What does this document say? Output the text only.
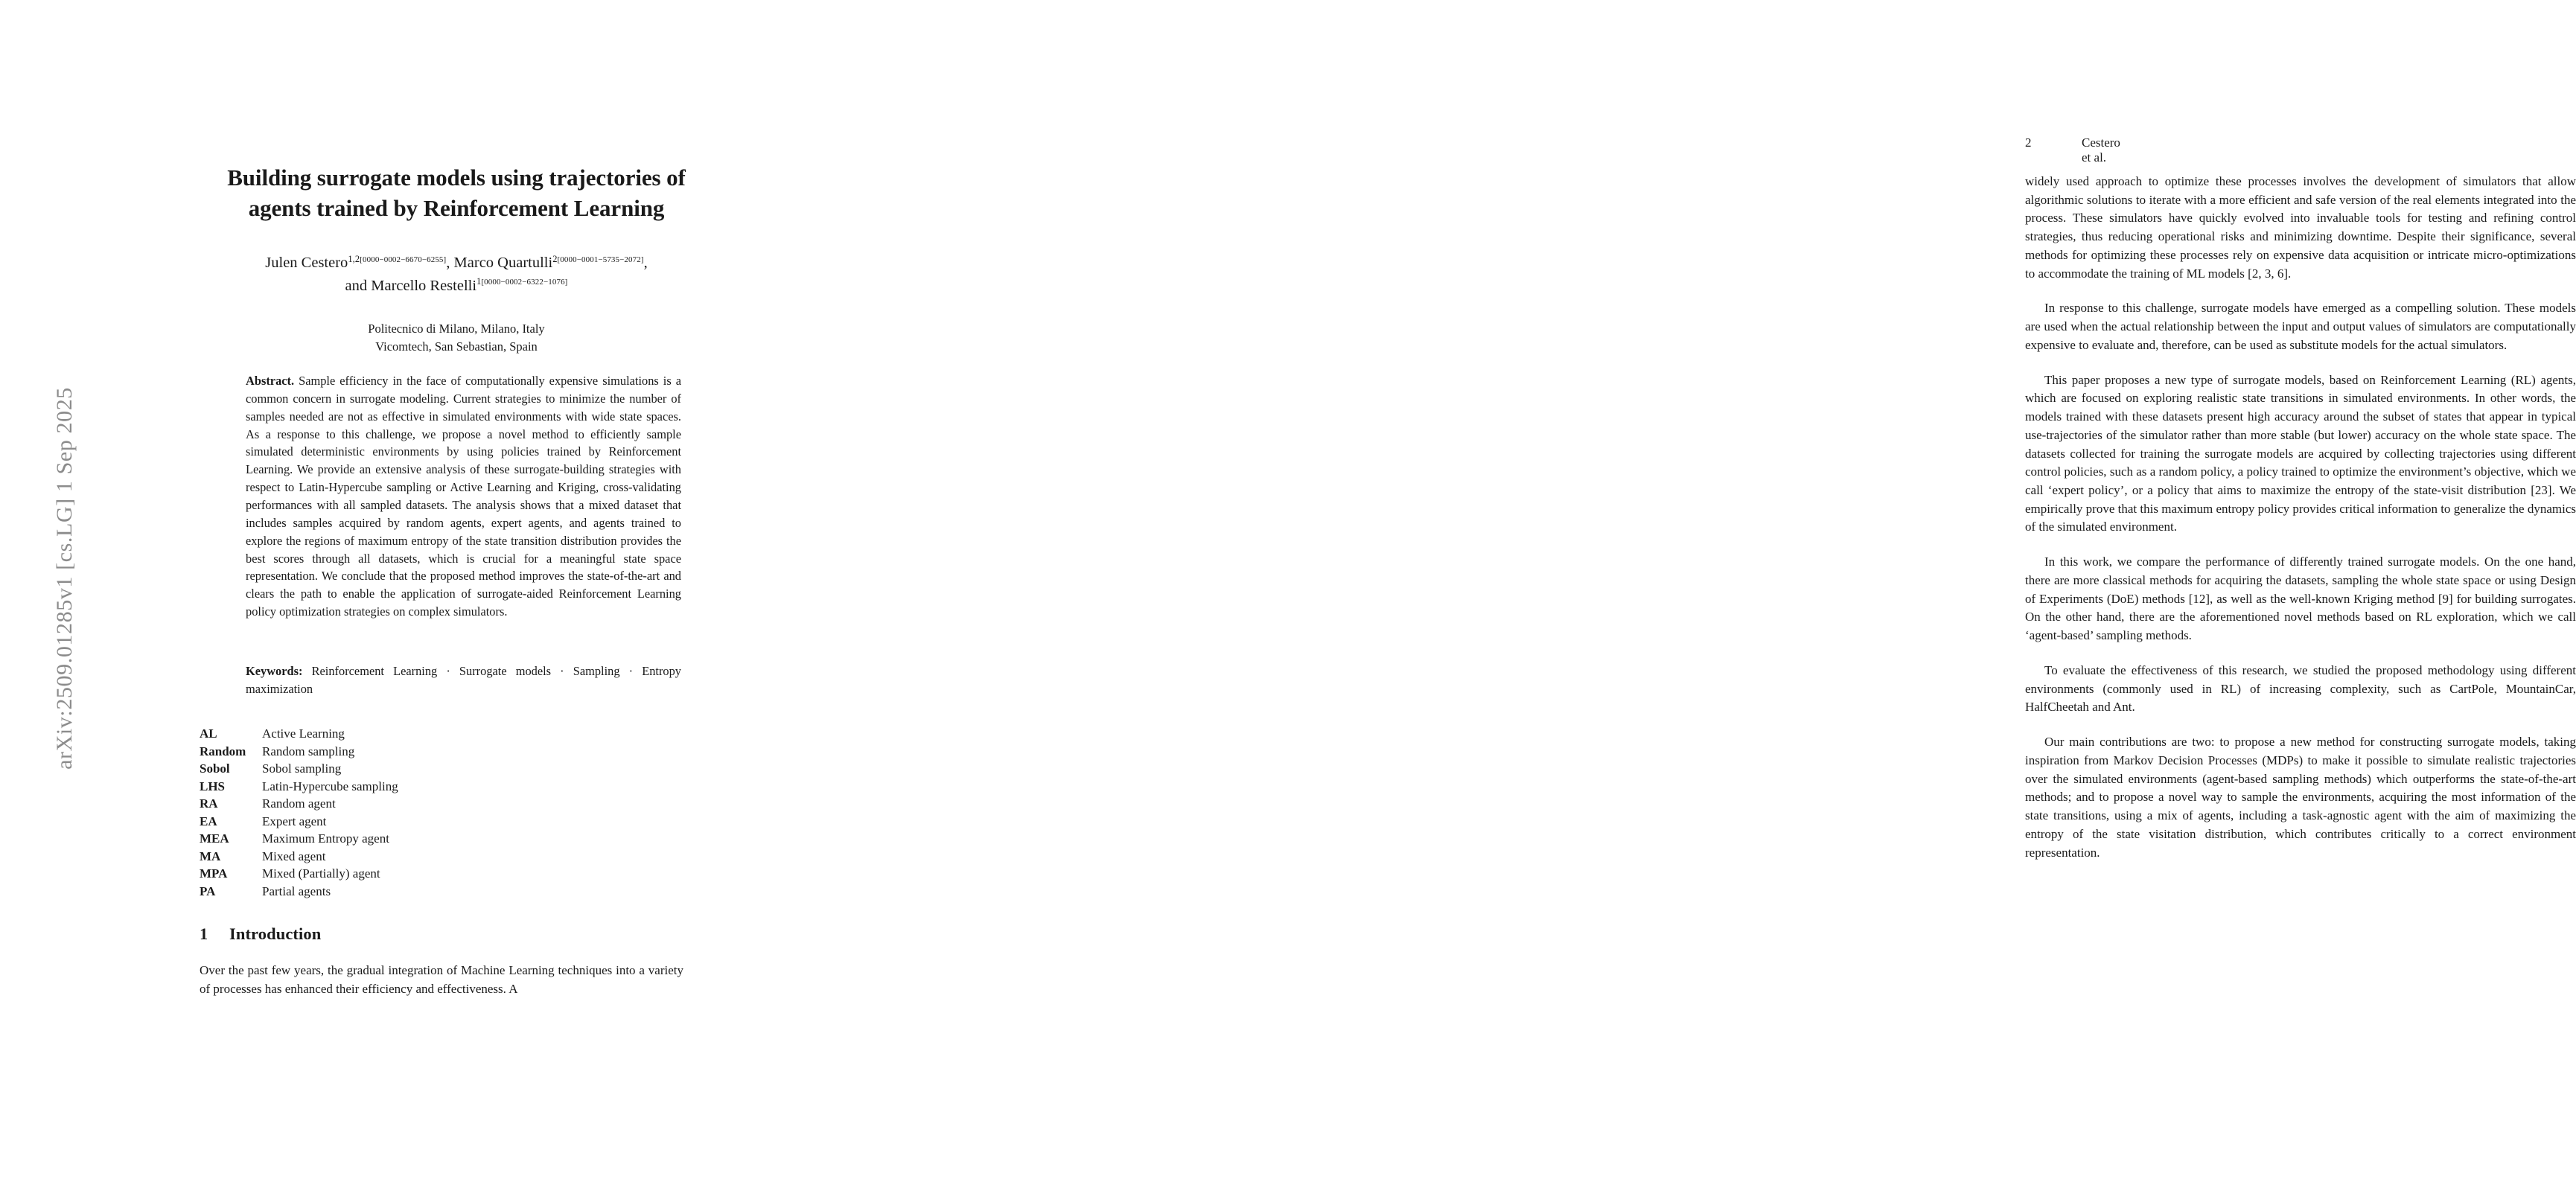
arXiv:2509.01285v1 [cs.LG] 1 Sep 2025
Building surrogate models using trajectories of
agents trained by Reinforcement Learning
Julen Cestero$^{1,2[0000-0002-6670-6255]}$, Marco Quartulli$^{2[0000-0001-5735-2072]}$,
and Marcello Restelli$^{1[0000-0002-6322-1076]}$
Politecnico di Milano, Milano, Italy
Vicomtech, San Sebastian, Spain

Abstract. Sample efficiency in the face of computationally expensive simulations is a common concern in surrogate modeling. Current strategies to minimize the number of samples needed are not as effective in simulated environments with wide state spaces. As a response to this challenge, we propose a novel method to efficiently sample simulated deterministic environments by using policies trained by Reinforcement Learning. We provide an extensive analysis of these surrogate-building strategies with respect to Latin-Hypercube sampling or Active Learning and Kriging, cross-validating performances with all sampled datasets. The analysis shows that a mixed dataset that includes samples acquired by random agents, expert agents, and agents trained to explore the regions of maximum entropy of the state transition distribution provides the best scores through all datasets, which is crucial for a meaningful state space representation. We conclude that the proposed method improves the state-of-the-art and clears the path to enable the application of surrogate-aided Reinforcement Learning policy optimization strategies on complex simulators.

Keywords: Reinforcement Learning · Surrogate models · Sampling · Entropy maximization
AL	Active Learning
Random	Random sampling
Sobol	Sobol sampling
LHS	Latin-Hypercube sampling
RA	Random agent
EA	Expert agent
MEA	Maximum Entropy agent
MA	Mixed agent
MPA	Mixed (Partially) agent
PA	Partial agents
1 Introduction

Over the past few years, the gradual integration of Machine Learning techniques into a variety of processes has enhanced their efficiency and effectiveness. A

2	Cestero et al.

widely used approach to optimize these processes involves the development of simulators that allow algorithmic solutions to iterate with a more efficient and safe version of the real elements integrated into the process. These simulators have quickly evolved into invaluable tools for testing and refining control strategies, thus reducing operational risks and minimizing downtime. Despite their significance, several methods for optimizing these processes rely on expensive data acquisition or intricate micro-optimizations to accommodate the training of ML models [2, 3, 6].

In response to this challenge, surrogate models have emerged as a compelling solution. These models are used when the actual relationship between the input and output values of simulators are computationally expensive to evaluate and, therefore, can be used as substitute models for the actual simulators.

This paper proposes a new type of surrogate models, based on Reinforcement Learning (RL) agents, which are focused on exploring realistic state transitions in simulated environments. In other words, the models trained with these datasets present high accuracy around the subset of states that appear in typical use-trajectories of the simulator rather than more stable (but lower) accuracy on the whole state space. The datasets collected for training the surrogate models are acquired by collecting trajectories using different control policies, such as a random policy, a policy trained to optimize the environment’s objective, which we call ‘expert policy’, or a policy that aims to maximize the entropy of the state-visit distribution [23]. We empirically prove that this maximum entropy policy provides critical information to generalize the dynamics of the simulated environment.

In this work, we compare the performance of differently trained surrogate models. On the one hand, there are more classical methods for acquiring the datasets, sampling the whole state space or using Design of Experiments (DoE) methods [12], as well as the well-known Kriging method [9] for building surrogates. On the other hand, there are the aforementioned novel methods based on RL exploration, which we call ‘agent-based’ sampling methods.

To evaluate the effectiveness of this research, we studied the proposed methodology using different environments (commonly used in RL) of increasing complexity, such as CartPole, MountainCar, HalfCheetah and Ant.

Our main contributions are two: to propose a new method for constructing surrogate models, taking inspiration from Markov Decision Processes (MDPs) to make it possible to simulate realistic trajectories over the simulated environments (agent-based sampling methods) which outperforms the state-of-the-art methods; and to propose a novel way to sample the environments, acquiring the most information of the state transitions, using a mix of agents, including a task-agnostic agent with the aim of maximizing the entropy of the state visitation distribution, which contributes critically to a correct environment representation.
